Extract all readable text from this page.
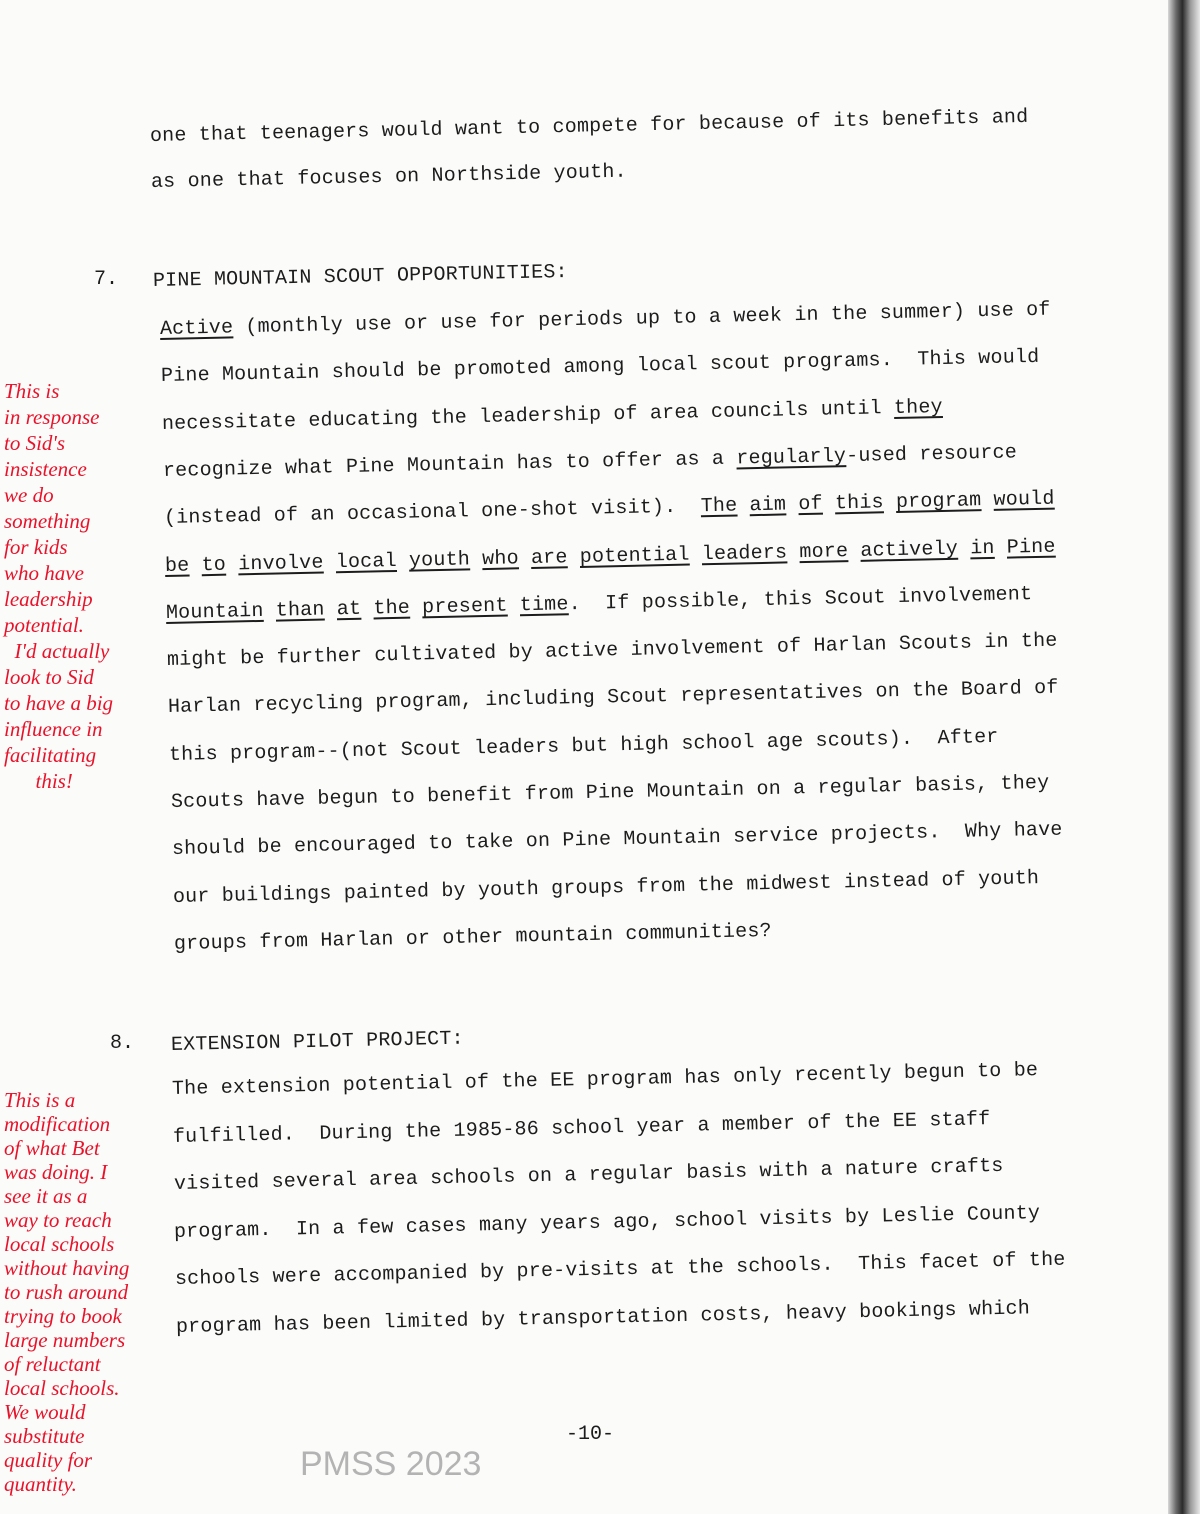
one that teenagers would want to compete for because of its benefits and
as one that focuses on Northside youth.
7. PINE MOUNTAIN SCOUT OPPORTUNITIES:
Active (monthly use or use for periods up to a week in the summer) use of
Pine Mountain should be promoted among local scout programs.  This would
necessitate educating the leadership of area councils until they
recognize what Pine Mountain has to offer as a regularly-used resource
(instead of an occasional one-shot visit).  The aim of this program would
be to involve local youth who are potential leaders more actively in Pine
Mountain than at the present time.  If possible, this Scout involvement
might be further cultivated by active involvement of Harlan Scouts in the
Harlan recycling program, including Scout representatives on the Board of
this program--(not Scout leaders but high school age scouts).  After
Scouts have begun to benefit from Pine Mountain on a regular basis, they
should be encouraged to take on Pine Mountain service projects.  Why have
our buildings painted by youth groups from the midwest instead of youth
groups from Harlan or other mountain communities?
8. EXTENSION PILOT PROJECT:
The extension potential of the EE program has only recently begun to be
fulfilled.  During the 1985-86 school year a member of the EE staff
visited several area schools on a regular basis with a nature crafts
program.  In a few cases many years ago, school visits by Leslie County
schools were accompanied by pre-visits at the schools.  This facet of the
program has been limited by transportation costs, heavy bookings which
This is
in response
to Sid's
insistence
we do
something
for kids
who have
leadership
potential.
I'd actually
look to Sid
to have a big
influence in
facilitating
this!
This is a
modification
of what Bet
was doing. I
see it as a
way to reach
local schools
without having
to rush around
trying to book
large numbers
of reluctant
local schools.
We would
substitute
quality for
quantity.
PMSS 2023
-10-
